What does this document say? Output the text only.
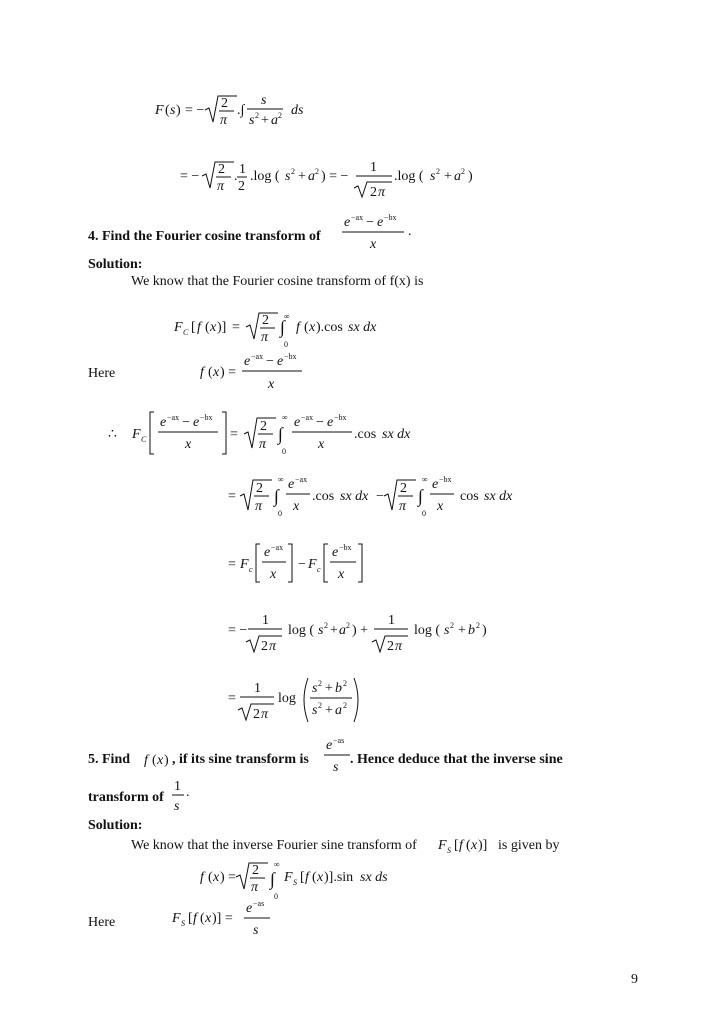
F ( s ) = − 2
π
.∫
s
s 2 + a 2 ds
= − 2
π
. 1
2
.log ( s 2 + a 2 ) = −
1
2 π
.log ( s 2 + a 2 )
4. Find the Fourier cosine transform of
e −ax − e −bx
x
.
Solution:
We know that the Fourier cosine transform of f(x) is
F C [ f ( x )] = 2
π
∞
∫
0
f ( x ).cos sx dx
Here	f ( x ) =
e −ax − e −bx
x
∴ F C
e −ax − e −bx
x
=
2
π
∞
∫
0
e −ax − e −bx
x
.cos sx dx
=
2
π
∞
∫
0
e −ax
x
.cos sx dx −
2
π
∞
∫
0
e −bx
x
cos sx dx
= F c
e −ax
x
− F c
e −bx
x
= −
1
2 π
log ( s 2 + a 2 ) +
1
2 π
log ( s 2 + b 2 )
=
1
2 π
log
s 2 + b 2
s 2 + a 2
5. Find f ( x ) , if its sine transform is
e −as
s
. Hence deduce that the inverse sine
transform of
1
s
.
Solution:
We know that the inverse Fourier sine transform of F S [ f ( x )] is given by
f ( x ) = 2
π
∞
∫
0
F S [ f ( x )].sin sx ds
Here	F S [ f ( x )] =
e −as
s
9
